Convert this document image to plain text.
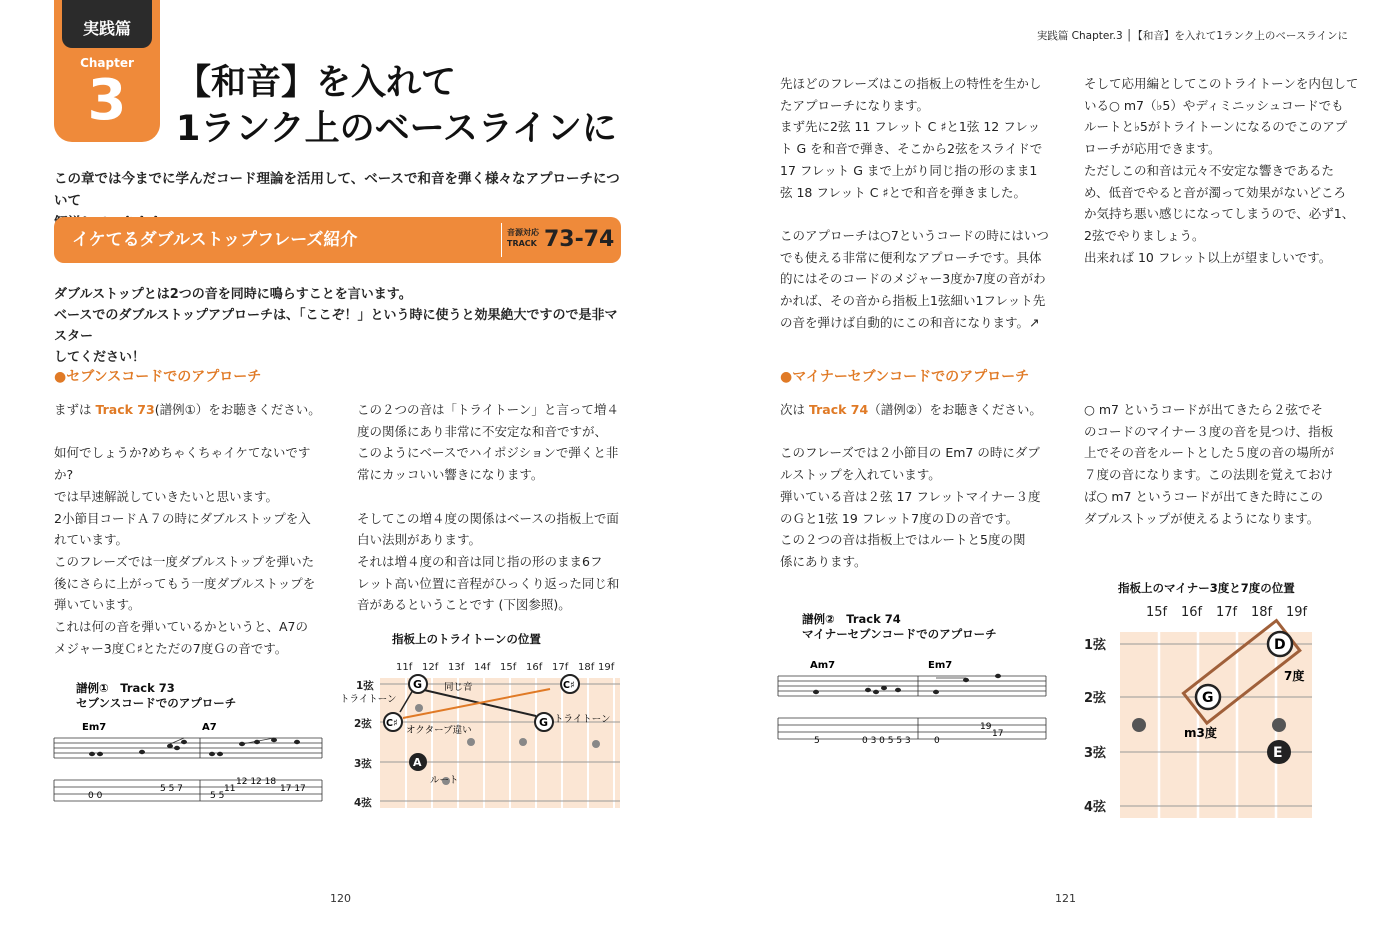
実践篇 Chapter.3 │【和音】を入れて1ランク上のベースラインに
実践篇
Chapter
3	【和音】を入れて
1ランク上のベースラインに
この章では今までに学んだコード理論を活用して、ベースで和音を弾く様々なアプローチについて
イケてるダブルストップフレーズ紹介	音源対応
TRACK 73-74
ダブルストップとは2つの音を同時に鳴らすことを言います。
ベースでのダブルストップアプローチは、「ここぞ！」という時に使うと効果絶大ですので是非マスター
してください！
●セブンスコードでのアプローチ
まずは Track 73(譜例①）をお聴きください。
如何でしょうか?めちゃくちゃイケてないです
か?
では早速解説していきたいと思います。
2小節目コードＡ７の時にダブルストップを入
れています。
このフレーズでは一度ダブルストップを弾いた
後にさらに上がってもう一度ダブルストップを
弾いています。
これは何の音を弾いているかというと、A7の
メジャー3度Ｃ♯とただの7度Ｇの音です。
この２つの音は「トライトーン」と言って増４
度の関係にあり非常に不安定な和音ですが、
このようにベースでハイポジションで弾くと非
常にカッコいい響きになります。
そしてこの増４度の関係はベースの指板上で面
白い法則があります。
それは増４度の和音は同じ指の形のまま6フ
レット高い位置に音程がひっくり返った同じ和
音があるということです (下図参照)。
譜例①　Track 73
セブンスコードでのアプローチ
Em7	A7
0 0
5 5 7
5 5
12 12 18
17 17
11
指板上のトライトーンの位置
11f 12f 13f 14f 15f 16f 17f 18f 19f
1弦
2弦
3弦
4弦
G	C♯
C♯	G
A
トライトーン
トライトーン
同じ音
オクターブ違い
ルート
先ほどのフレーズはこの指板上の特性を生かし
たアプローチになります。
まず先に2弦 11 フレット C ♯と1弦 12 フレッ
ト G を和音で弾き、そこから2弦をスライドで
17 フレット G まで上がり同じ指の形のまま1
弦 18 フレット C ♯とで和音を弾きました。
このアプローチは○7というコードの時にはいつ
でも使える非常に便利なアプローチです。具体
的にはそのコードのメジャー3度か7度の音がわ
かれば、その音から指板上1弦細い1フレット先
の音を弾けば自動的にこの和音になります。↗
そして応用編としてこのトライトーンを内包して
いる○ m7（♭5）やディミニッシュコードでも
ルートと♭5がトライトーンになるのでこのアプ
ローチが応用できます。
ただしこの和音は元々不安定な響きであるた
め、低音でやると音が濁って効果がないどころ
か気持ち悪い感じになってしまうので、必ず1、
2弦でやりましょう。
出来れば 10 フレット以上が望ましいです。
●マイナーセブンコードでのアプローチ
次は Track 74（譜例②）をお聴きください。
このフレーズでは２小節目の Em7 の時にダブ
ルストップを入れています。
弾いている音は２弦 17 フレットマイナー３度
のＧと1弦 19 フレット7度のＤの音です。
この２つの音は指板上ではルートと5度の関
係にあります。
○ m7 というコードが出てきたら２弦でそ
のコードのマイナー３度の音を見つけ、指板
上でその音をルートとした５度の音の場所が
７度の音になります。この法則を覚えておけ
ば○ m7 というコードが出てきた時にこの
ダブルストップが使えるようになります。
譜例②　Track 74
マイナーセブンコードでのアプローチ
Am7	Em7
5	0 3 0 5 5 3	0
19
17
指板上のマイナー3度と7度の位置
15f 16f 17f 18f 19f
1弦
2弦
3弦
4弦
D
G
E
7度
m3度
120	121
